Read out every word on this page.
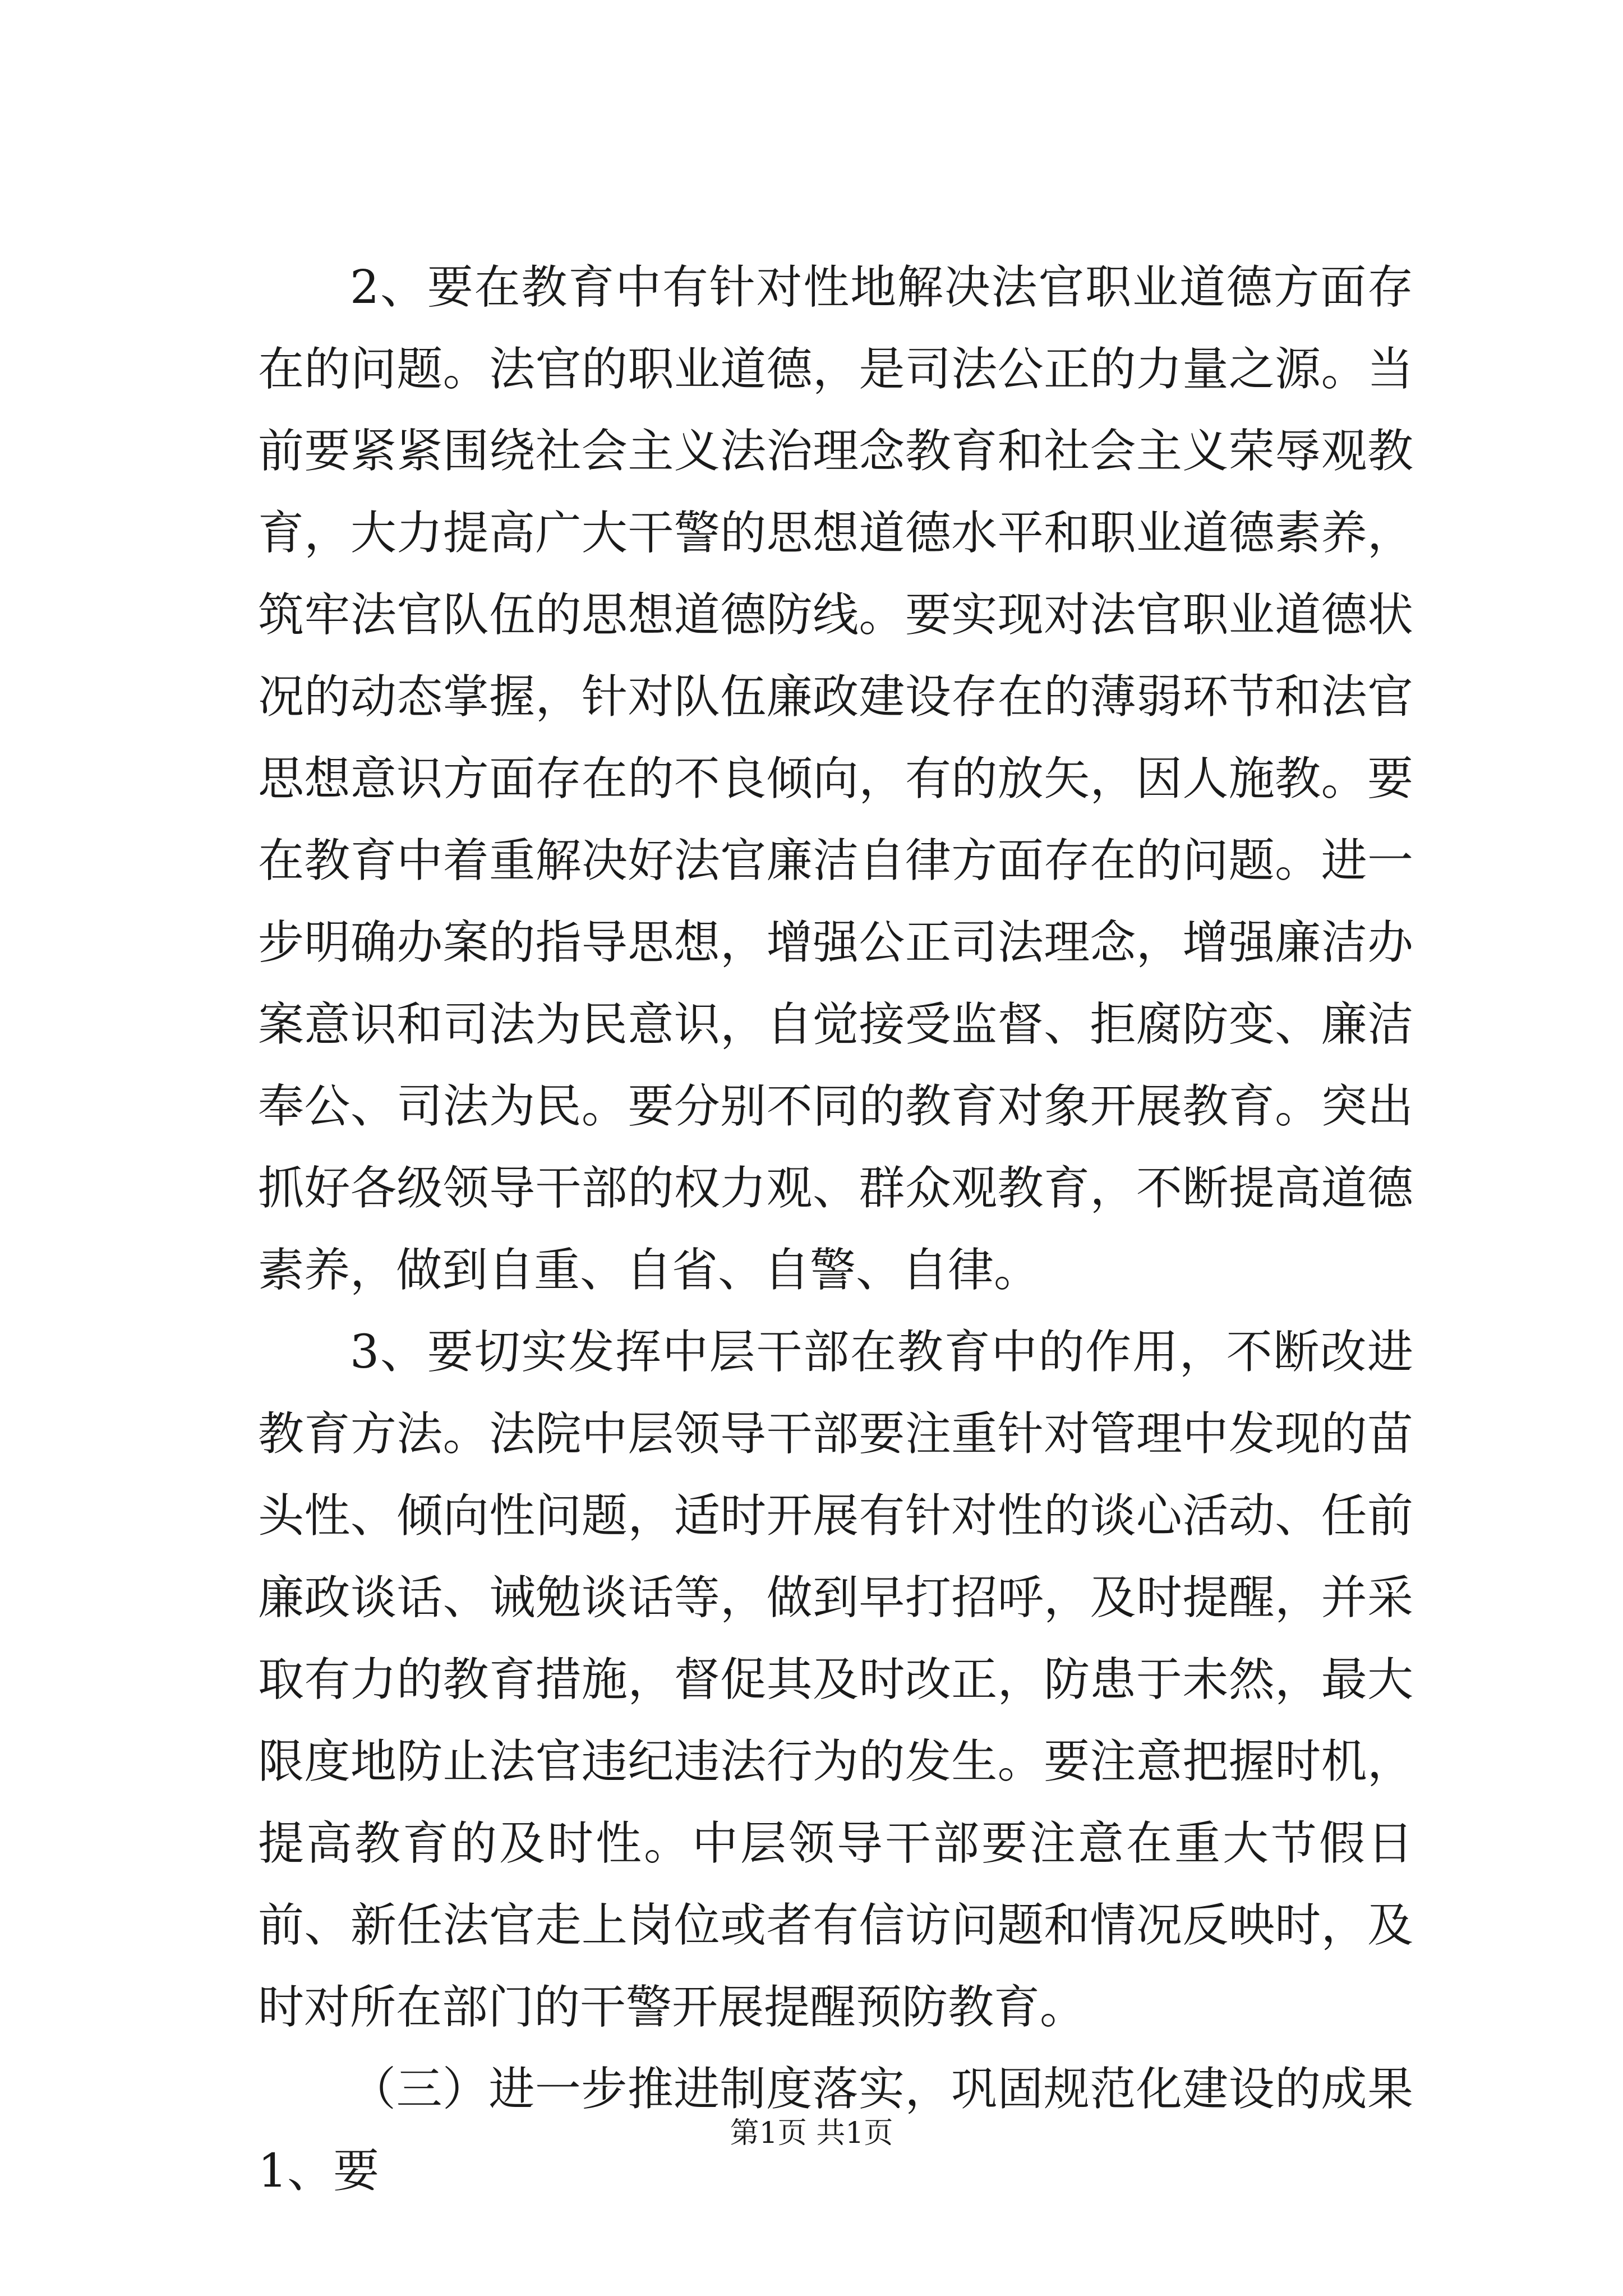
2、要在教育中有针对性地解决法官职业道德方面存在的问题。法官的职业道德，是司法公正的力量之源。当前要紧紧围绕社会主义法治理念教育和社会主义荣辱观教育，大力提高广大干警的思想道德水平和职业道德素养，筑牢法官队伍的思想道德防线。要实现对法官职业道德状况的动态掌握，针对队伍廉政建设存在的薄弱环节和法官思想意识方面存在的不良倾向，有的放矢，因人施教。要在教育中着重解决好法官廉洁自律方面存在的问题。进一步明确办案的指导思想，增强公正司法理念，增强廉洁办案意识和司法为民意识，自觉接受监督、拒腐防变、廉洁奉公、司法为民。要分别不同的教育对象开展教育。突出抓好各级领导干部的权力观、群众观教育，不断提高道德素养，做到自重、自省、自警、自律。

3、要切实发挥中层干部在教育中的作用，不断改进教育方法。法院中层领导干部要注重针对管理中发现的苗头性、倾向性问题，适时开展有针对性的谈心活动、任前廉政谈话、诫勉谈话等，做到早打招呼，及时提醒，并采取有力的教育措施，督促其及时改正，防患于未然，最大限度地防止法官违纪违法行为的发生。要注意把握时机，提高教育的及时性。中层领导干部要注意在重大节假日前、新任法官走上岗位或者有信访问题和情况反映时，及时对所在部门的干警开展提醒预防教育。

（三）进一步推进制度落实，巩固规范化建设的成果1、要

第1页 共1页
